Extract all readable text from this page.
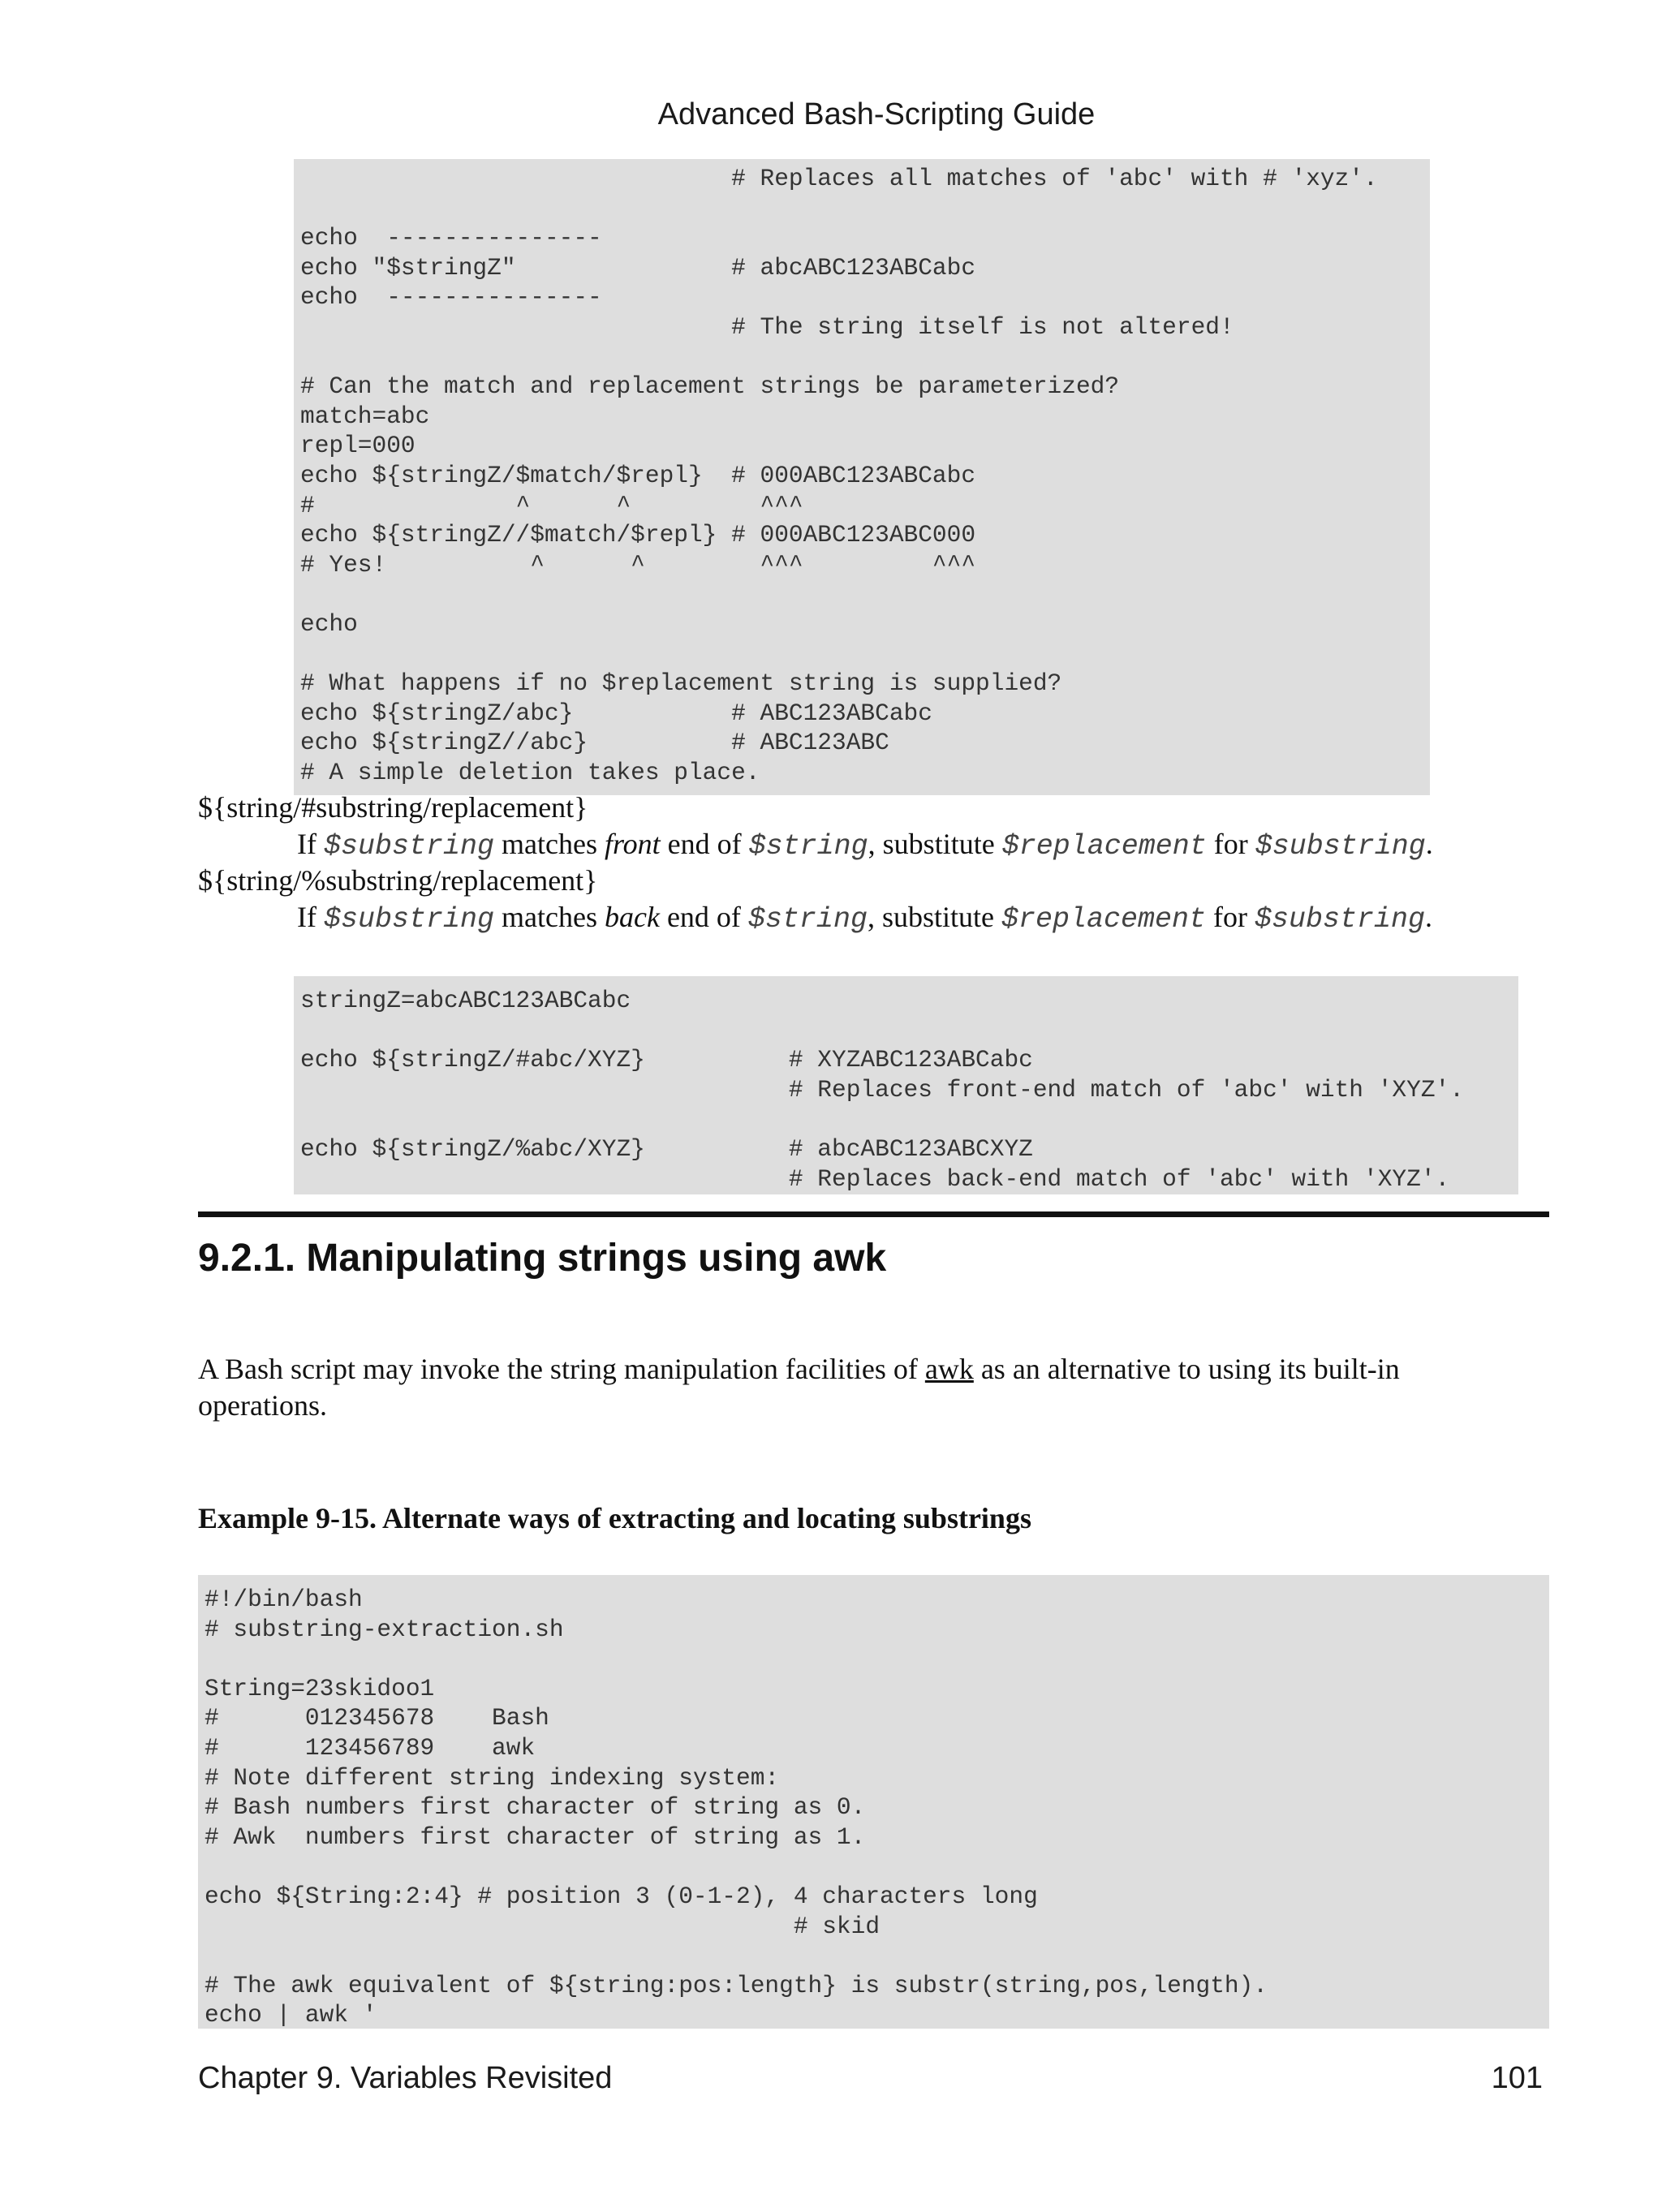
Advanced Bash-Scripting Guide
# Replaces all matches of 'abc' with # 'xyz'.

echo  ---------------
echo "$stringZ"               # abcABC123ABCabc
echo  ---------------
# The string itself is not altered!

# Can the match and replacement strings be parameterized?
match=abc
repl=000
echo ${stringZ/$match/$repl}  # 000ABC123ABCabc
#              ^      ^         ^^^
echo ${stringZ//$match/$repl} # 000ABC123ABC000
# Yes!          ^      ^        ^^^         ^^^

echo

# What happens if no $replacement string is supplied?
echo ${stringZ/abc}           # ABC123ABCabc
echo ${stringZ//abc}          # ABC123ABC
# A simple deletion takes place.
${string/#substring/replacement}
If $substring matches front end of $string, substitute $replacement for $substring.
${string/%substring/replacement}
If $substring matches back end of $string, substitute $replacement for $substring.
stringZ=abcABC123ABCabc

echo ${stringZ/#abc/XYZ}          # XYZABC123ABCabc
# Replaces front-end match of 'abc' with 'XYZ'.

echo ${stringZ/%abc/XYZ}          # abcABC123ABCXYZ
# Replaces back-end match of 'abc' with 'XYZ'.
9.2.1. Manipulating strings using awk

A Bash script may invoke the string manipulation facilities of awk as an alternative to using its built-in operations.

Example 9-15. Alternate ways of extracting and locating substrings

#!/bin/bash
# substring-extraction.sh

String=23skidoo1
#      012345678    Bash
#      123456789    awk
# Note different string indexing system:
# Bash numbers first character of string as 0.
# Awk  numbers first character of string as 1.

echo ${String:2:4} # position 3 (0-1-2), 4 characters long
# skid

# The awk equivalent of ${string:pos:length} is substr(string,pos,length).
echo | awk '
Chapter 9. Variables Revisited	101
